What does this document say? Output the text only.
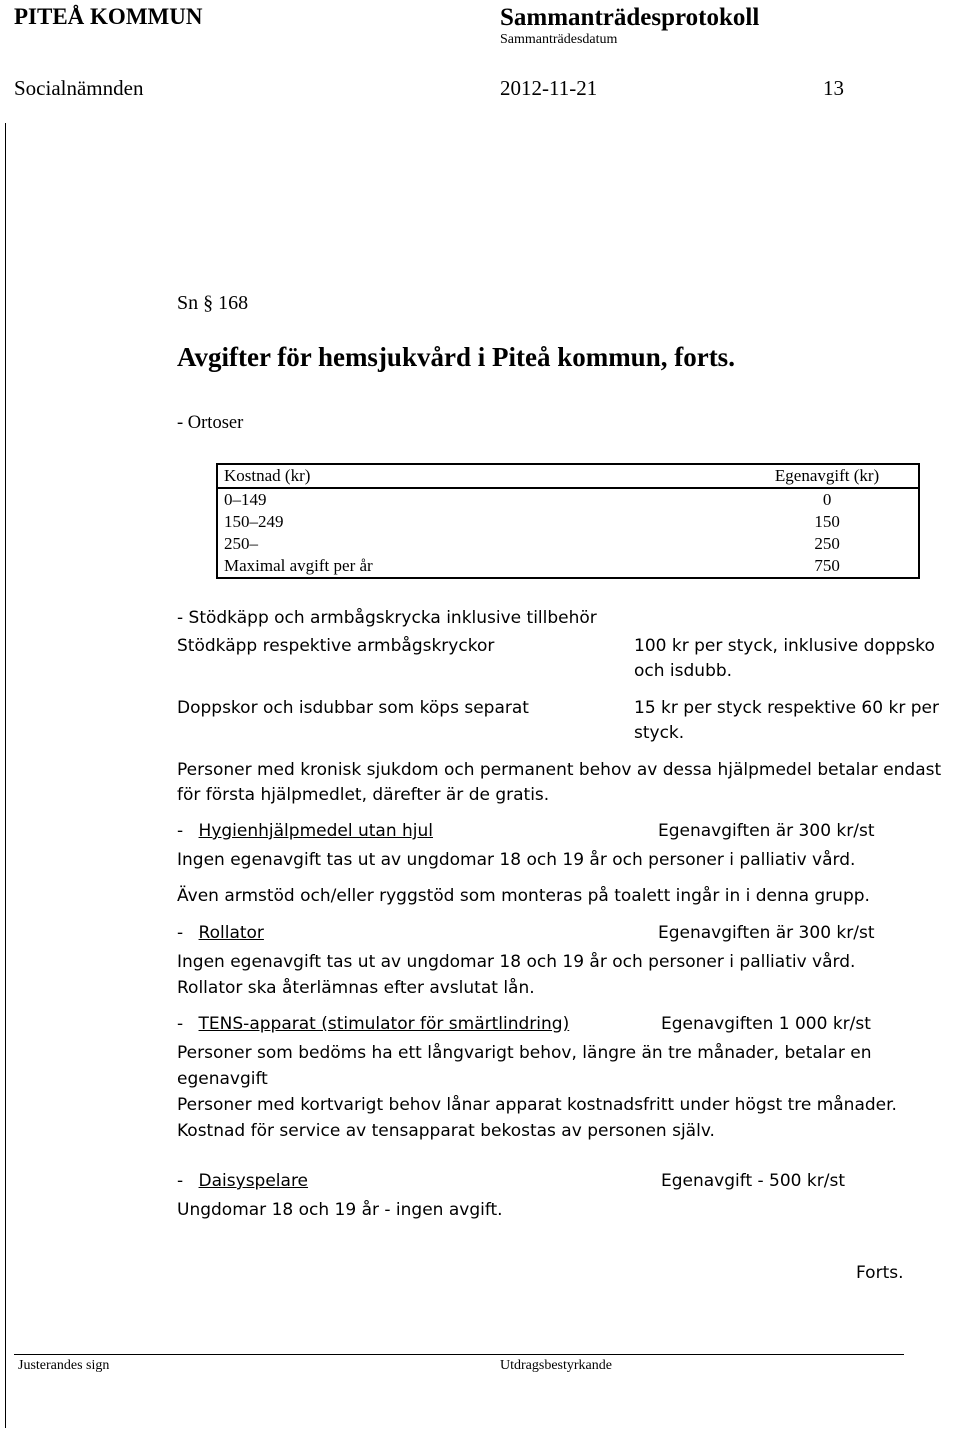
PITEÅ KOMMUN	Sammanträdesprotokoll
Sammanträdesdatum
Socialnämnden	2012-11-21	13
Sn § 168
Avgifter för hemsjukvård i Piteå kommun, forts.
- Ortoser
Kostnad (kr)	Egenavgift (kr)
0–149	0
150–249	150
250–	250
Maximal avgift per år	750
- Stödkäpp och armbågskrycka inklusive tillbehör
Stödkäpp respektive armbågskryckor	100 kr per styck, inklusive doppsko
och isdubb.
Doppskor och isdubbar som köps separat	15 kr per styck respektive 60 kr per
styck.
Personer med kronisk sjukdom och permanent behov av dessa hjälpmedel betalar endast
för första hjälpmedlet, därefter är de gratis.
- Hygienhjälpmedel utan hjul	Egenavgiften är 300 kr/st
Ingen egenavgift tas ut av ungdomar 18 och 19 år och personer i palliativ vård.
Även armstöd och/eller ryggstöd som monteras på toalett ingår in i denna grupp.
- Rollator	Egenavgiften är 300 kr/st
Ingen egenavgift tas ut av ungdomar 18 och 19 år och personer i palliativ vård.
Rollator ska återlämnas efter avslutat lån.
- TENS-apparat (stimulator för smärtlindring)	Egenavgiften 1 000 kr/st
Personer som bedöms ha ett långvarigt behov, längre än tre månader, betalar en
egenavgift
Personer med kortvarigt behov lånar apparat kostnadsfritt under högst tre månader.
Kostnad för service av tensapparat bekostas av personen själv.
- Daisyspelare	Egenavgift - 500 kr/st
Ungdomar 18 och 19 år - ingen avgift.
Forts.
Justerandes sign	Utdragsbestyrkande
